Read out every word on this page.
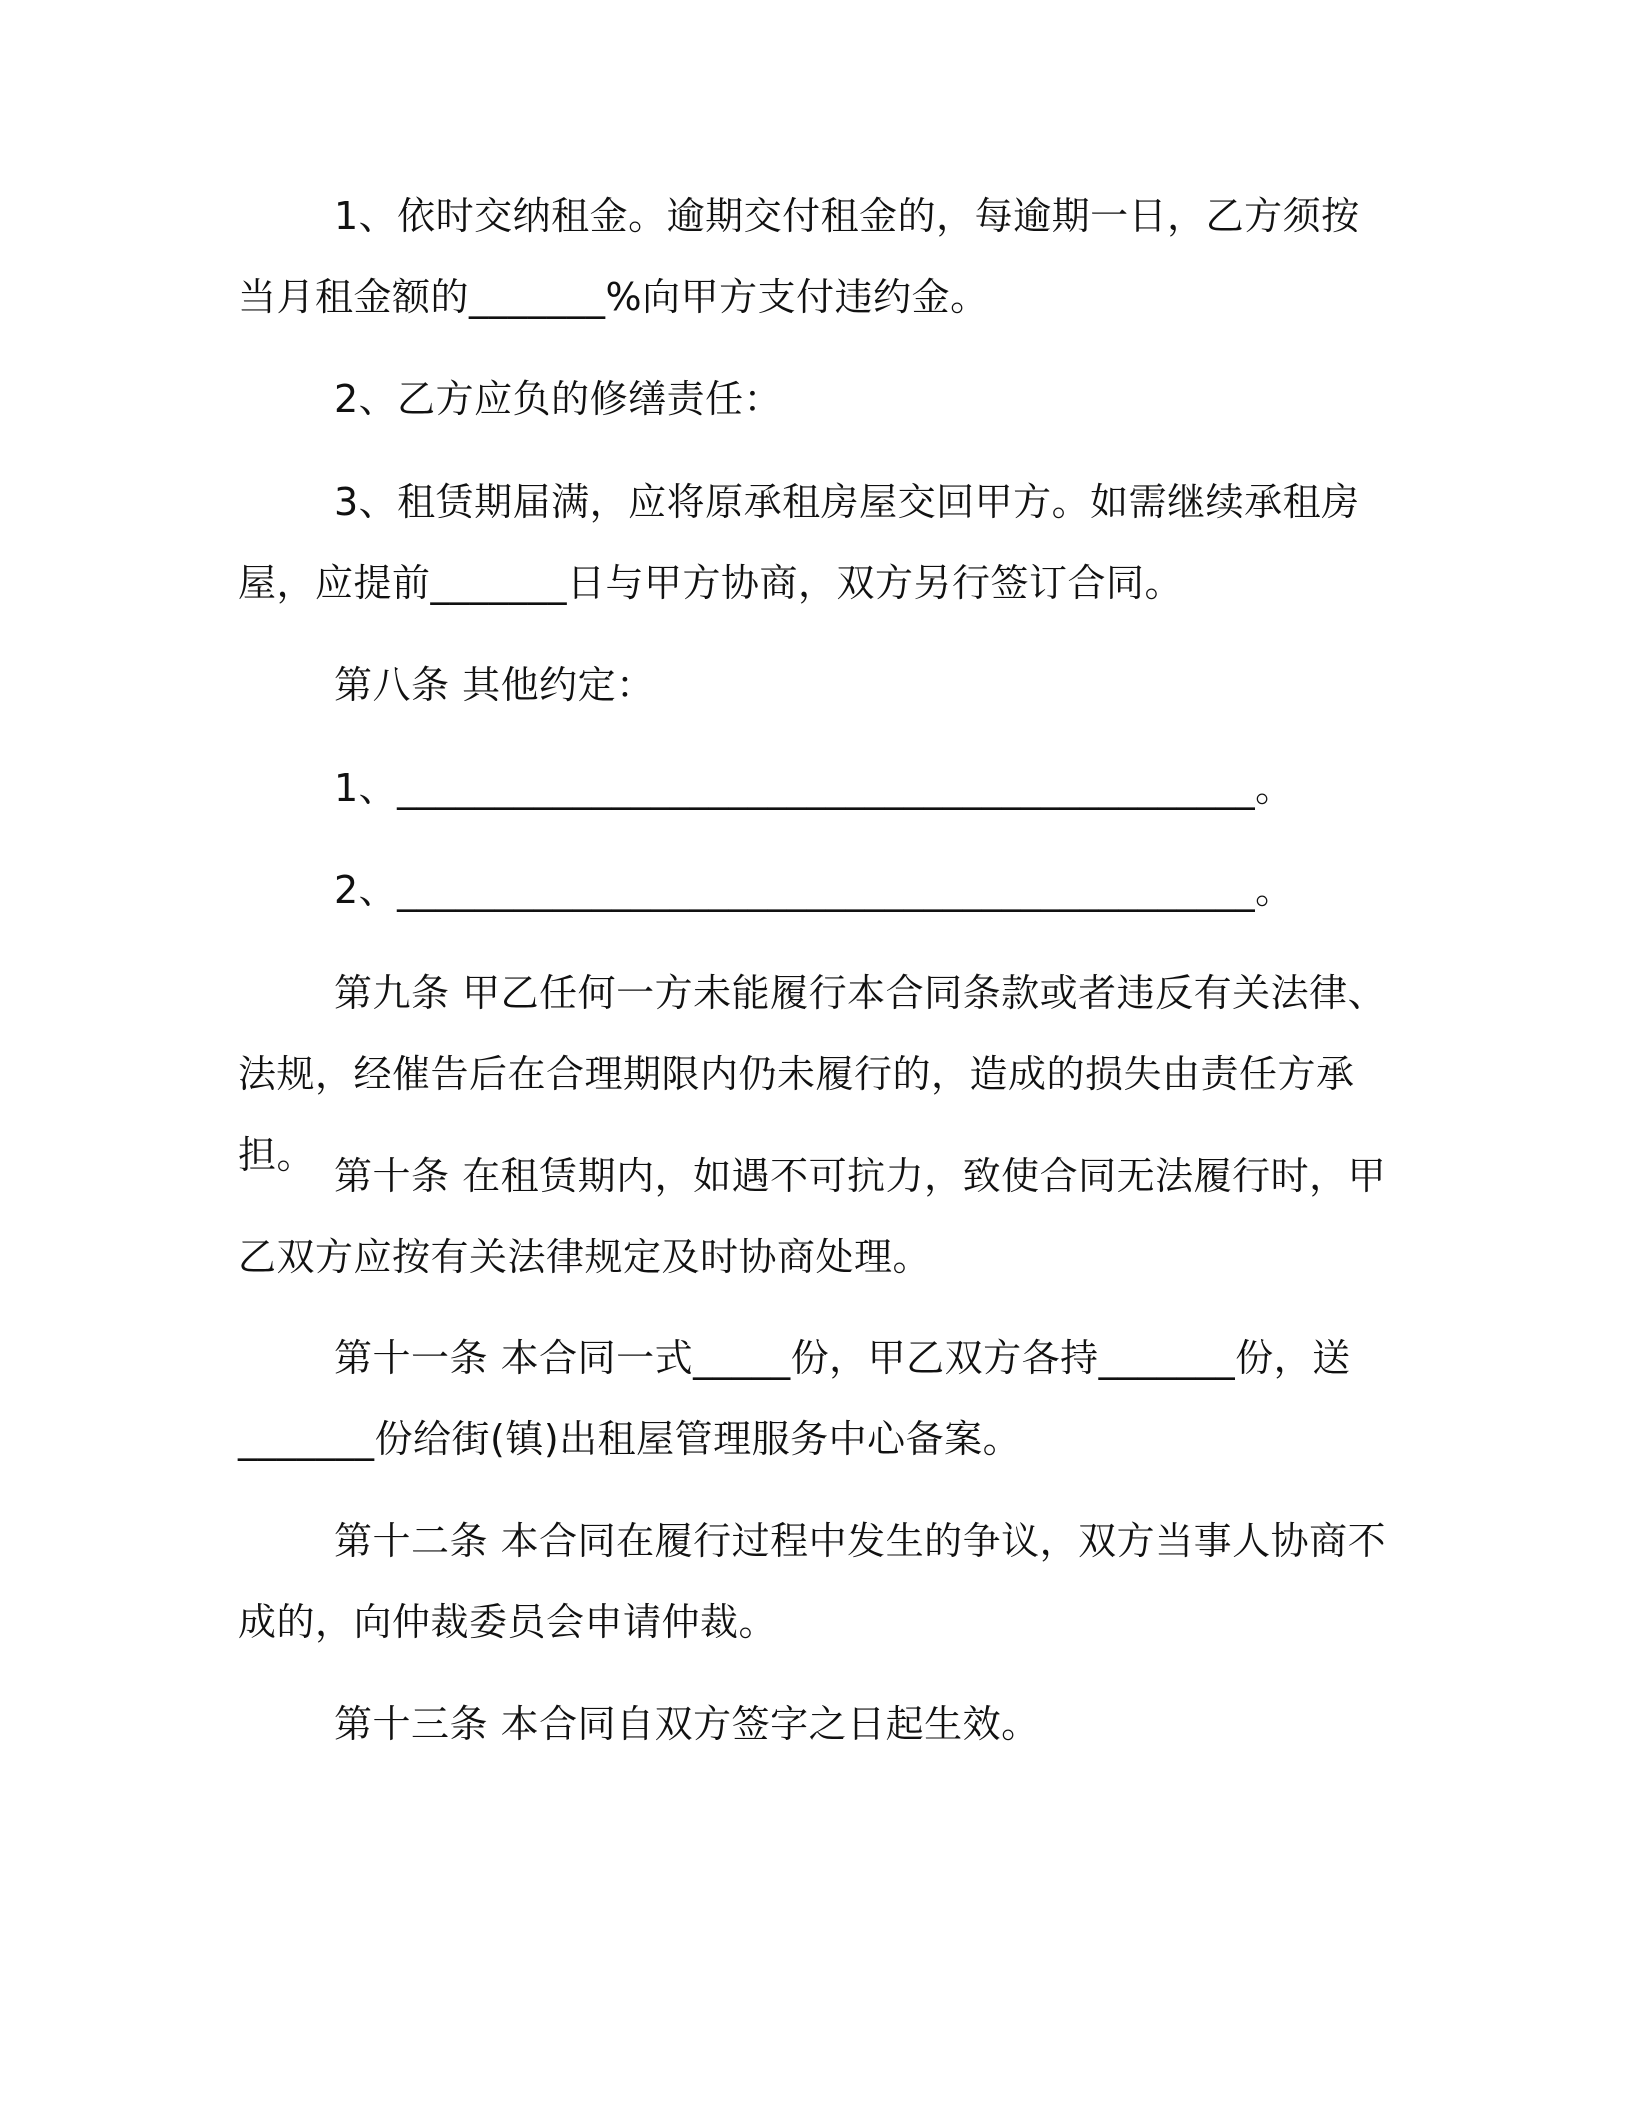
1、依时交纳租金。逾期交付租金的，每逾期一日，乙方须按当月租金额的_______%向甲方支付违约金。

2、乙方应负的修缮责任：

3、租赁期届满，应将原承租房屋交回甲方。如需继续承租房屋，应提前_______日与甲方协商，双方另行签订合同。

第八条 其他约定：

1、____________________________________________。

2、____________________________________________。

第九条 甲乙任何一方未能履行本合同条款或者违反有关法律、法规，经催告后在合理期限内仍未履行的，造成的损失由责任方承担。 第十条 在租赁期内，如遇不可抗力，致使合同无法履行时，甲乙双方应按有关法律规定及时协商处理。

第十一条 本合同一式_____份，甲乙双方各持_______份，送_______份给街(镇)出租屋管理服务中心备案。

第十二条 本合同在履行过程中发生的争议，双方当事人协商不成的，向仲裁委员会申请仲裁。

第十三条 本合同自双方签字之日起生效。
